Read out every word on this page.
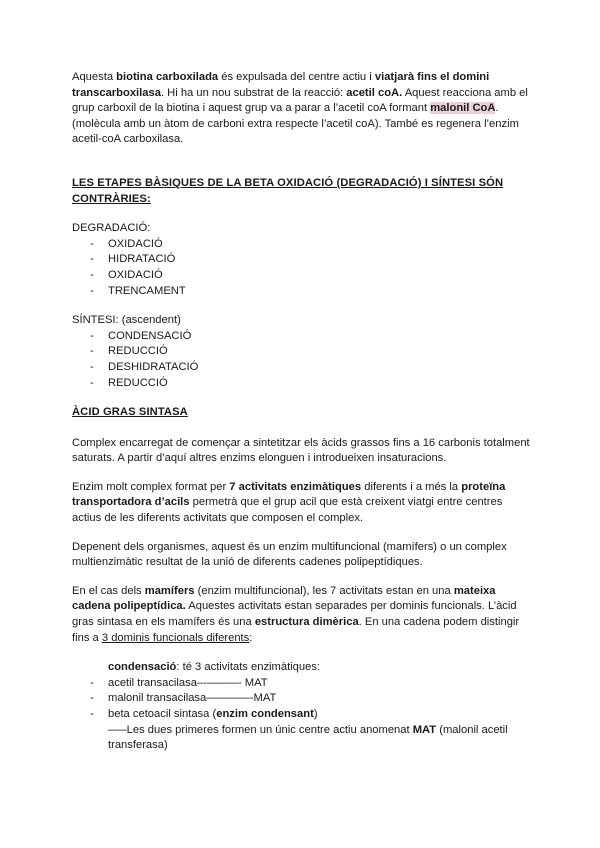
Aquesta biotina carboxilada és expulsada del centre actiu i viatjarà fins el domini transcarboxilasa. Hi ha un nou substrat de la reacció: acetil coA. Aquest reacciona amb el grup carboxil de la biotina i aquest grup va a parar a l’acetil coA formant malonil CoA. (molècula amb un àtom de carboni extra respecte l’acetil coA). També es regenera l’enzim acetil-coA carboxilasa.

LES ETAPES BÀSIQUES DE LA BETA OXIDACIÓ (DEGRADACIÓ) I SÍNTESI SÓN CONTRÀRIES:

DEGRADACIÓ:

- OXIDACIÓ
- HIDRATACIÓ
- OXIDACIÓ
- TRENCAMENT

SÍNTESI: (ascendent)

- CONDENSACIÓ
- REDUCCIÓ
- DESHIDRATACIÓ
- REDUCCIÓ

ÀCID GRAS SINTASA

Complex encarregat de començar a sintetitzar els àcids grassos fins a 16 carbonis totalment saturats. A partir d’aquí altres enzims elonguen i introdueixen insaturacions.

Enzim molt complex format per 7 activitats enzimàtiques diferents i a més la proteïna transportadora d’acils permetrà que el grup acil que està creixent viatgi entre centres actius de les diferents activitats que composen el complex.

Depenent dels organismes, aquest és un enzim multifuncional (mamífers) o un complex multienzimàtic resultat de la unió de diferents cadenes polipeptídiques.

En el cas dels mamífers (enzim multifuncional), les 7 activitats estan en una mateixa cadena polipeptídica. Aquestes activitats estan separades per dominis funcionals. L’àcid gras sintasa en els mamífers és una estructura dimèrica. En una cadena podem distingir fins a 3 dominis funcionals diferents:

condensació: té 3 activitats enzimàtiques:

- acetil transacilasa–-–––––- MAT
- malonil transacilasa–––––––-MAT
- beta cetoacil sintasa (enzim condensant)

–––Les dues primeres formen un únic centre actiu anomenat MAT (malonil acetil transferasa)
